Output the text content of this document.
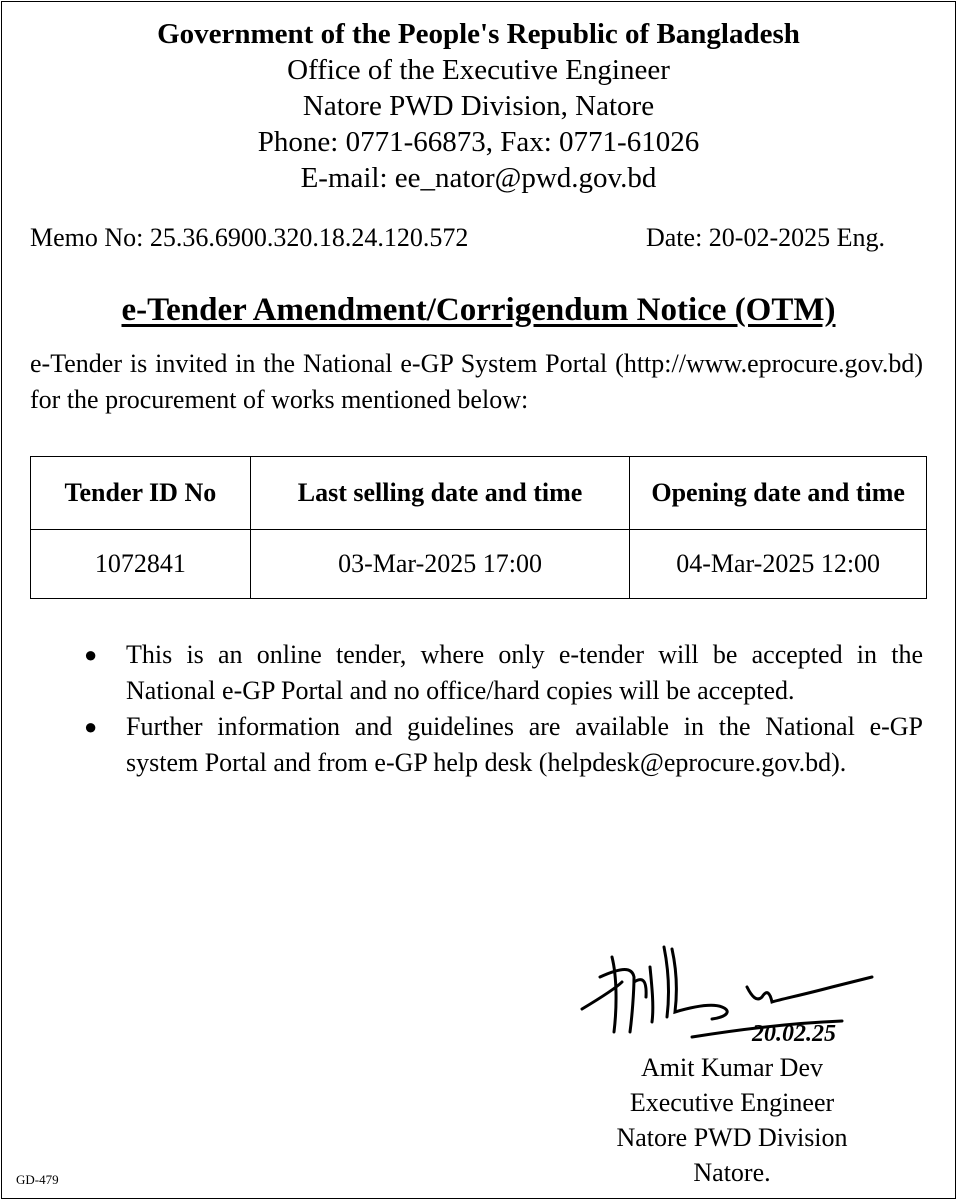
Government of the People's Republic of Bangladesh
Office of the Executive Engineer
Natore PWD Division, Natore
Phone: 0771-66873, Fax: 0771-61026
E-mail: ee_nator@pwd.gov.bd
Memo No: 25.36.6900.320.18.24.120.572	Date: 20-02-2025 Eng.
e-Tender Amendment/Corrigendum Notice (OTM)
e-Tender is invited in the National e-GP System Portal (http://www.eprocure.gov.bd) for the procurement of works mentioned below:
Tender ID No	Last selling date and time	Opening date and time
1072841	03-Mar-2025 17:00	04-Mar-2025 12:00
● This is an online tender, where only e-tender will be accepted in the National e-GP Portal and no office/hard copies will be accepted.
● Further information and guidelines are available in the National e-GP system Portal and from e-GP help desk (helpdesk@eprocure.gov.bd).
20.02.25
Amit Kumar Dev
Executive Engineer
Natore PWD Division
Natore.
GD-479
